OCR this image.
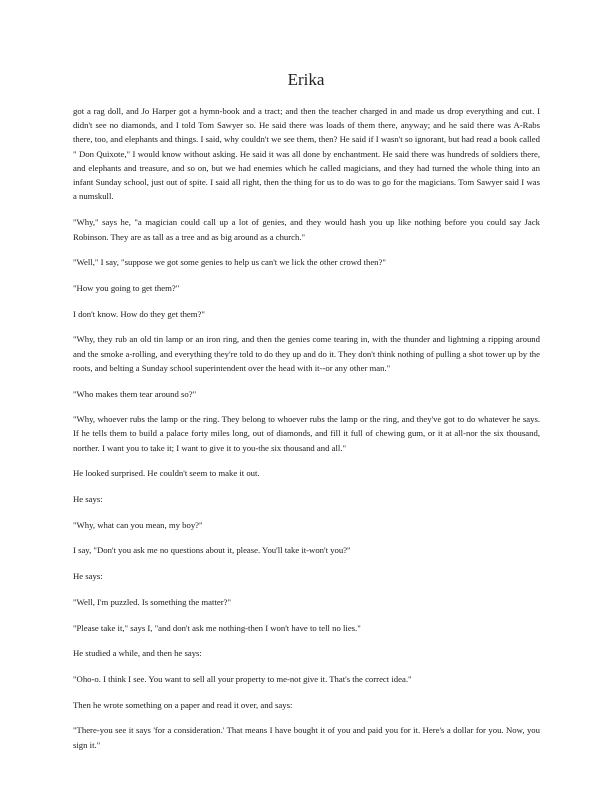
Erika

got a rag doll, and Jo Harper got a hymn-book and a tract; and then the teacher charged in and made us drop everything and cut. I didn't see no diamonds, and I told Tom Sawyer so. He said there was loads of them there, anyway; and he said there was A-Rabs there, too, and elephants and things. I said, why couldn't we see them, then? He said if I wasn't so ignorant, but had read a book called " Don Quixote," I would know without asking. He said it was all done by enchantment. He said there was hundreds of soldiers there, and elephants and treasure, and so on, but we had enemies which he called magicians, and they had turned the whole thing into an infant Sunday school, just out of spite. I said all right, then the thing for us to do was to go for the magicians. Tom Sawyer said I was a numskull.

"Why," says he, "a magician could call up a lot of genies, and they would hash you up like nothing before you could say Jack Robinson. They are as tall as a tree and as big around as a church."

"Well," I say, "suppose we got some genies to help us can't we lick the other crowd then?"

"How you going to get them?"

I don't know. How do they get them?"

"Why, they rub an old tin lamp or an iron ring, and then the genies come tearing in, with the thunder and lightning a ripping around and the smoke a-rolling, and everything they're told to do they up and do it. They don't think nothing of pulling a shot tower up by the roots, and belting a Sunday school superintendent over the head with it--or any other man."

"Who makes them tear around so?"

"Why, whoever rubs the lamp or the ring. They belong to whoever rubs the lamp or the ring, and they've got to do whatever he says. If he tells them to build a palace forty miles long, out of diamonds, and fill it full of chewing gum, or it at all-nor the six thousand, norther. I want you to take it; I want to give it to you-the six thousand and all."

He looked surprised. He couldn't seem to make it out.

He says:

"Why, what can you mean, my boy?"

I say, "Don't you ask me no questions about it, please. You'll take it-won't you?"

He says:

"Well, I'm puzzled. Is something the matter?"

"Please take it," says I, "and don't ask me nothing-then I won't have to tell no lies."

He studied a while, and then he says:

"Oho-o. I think I see. You want to sell all your property to me-not give it. That's the correct idea."

Then he wrote something on a paper and read it over, and says:

"There-you see it says 'for a consideration.' That means I have bought it of you and paid you for it. Here's a dollar for you. Now, you sign it."
